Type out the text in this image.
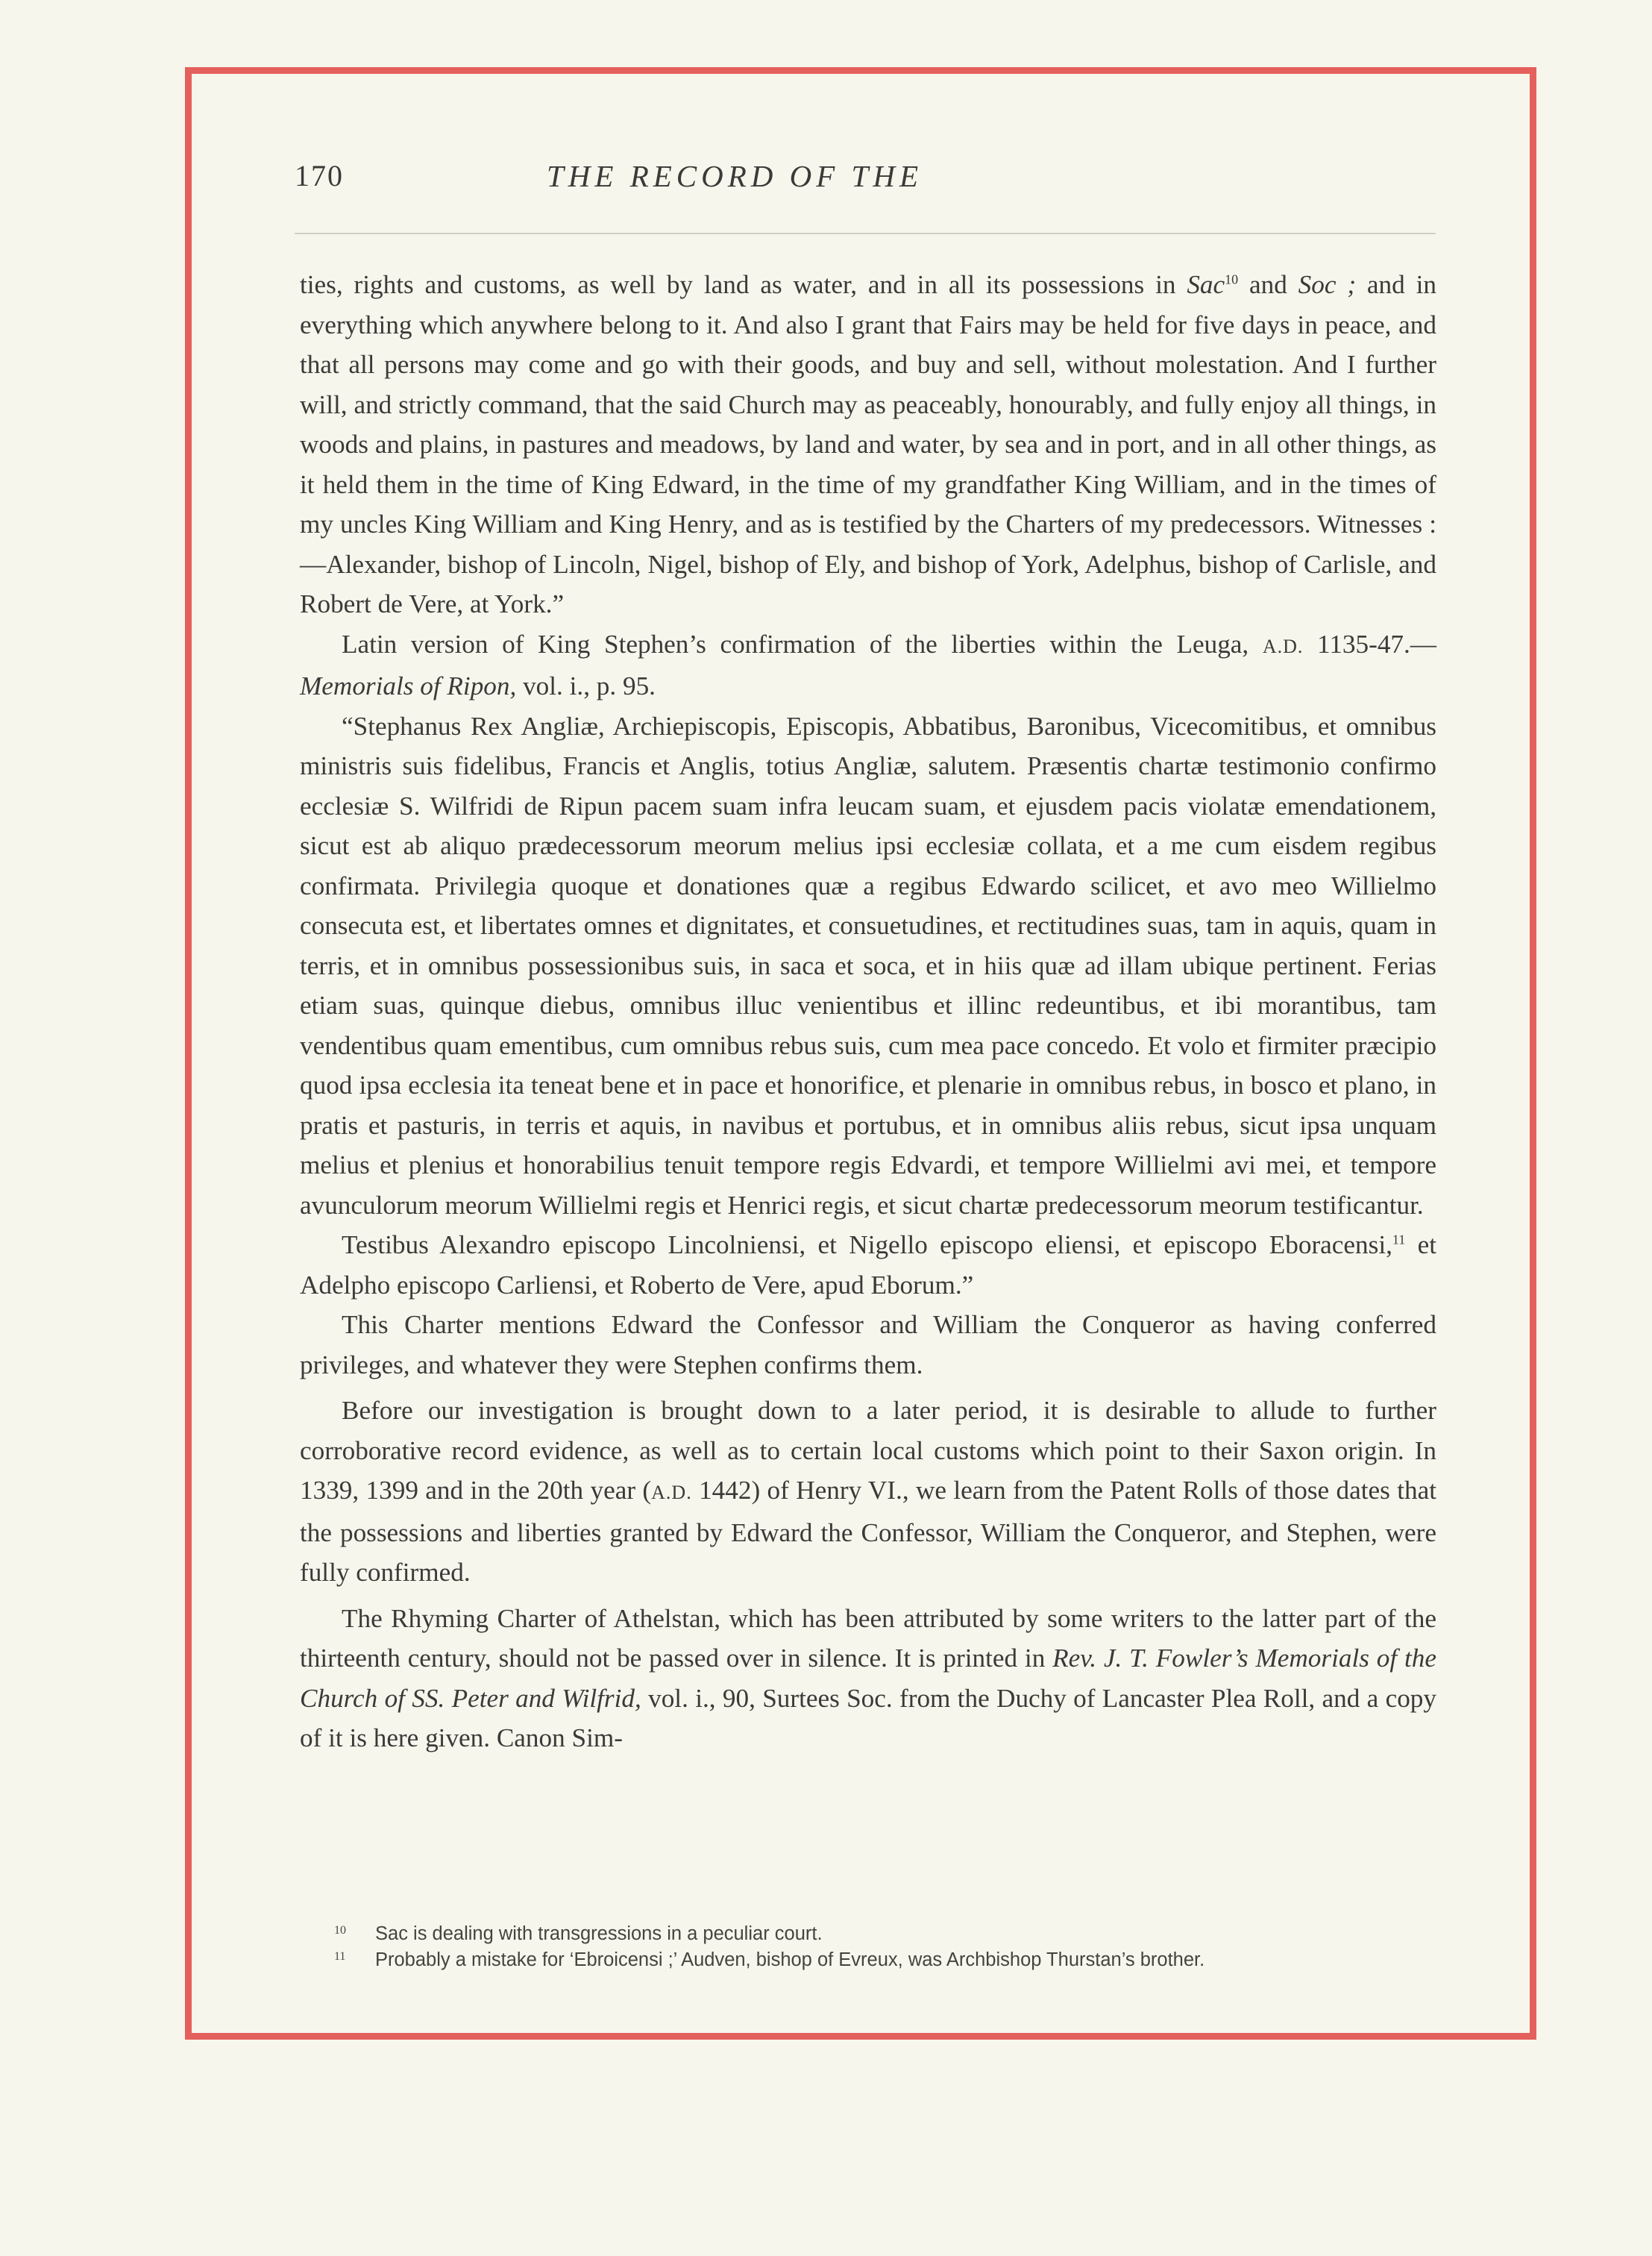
170	THE RECORD OF THE

ties, rights and customs, as well by land as water, and in all its possessions in Sac$^{10}$ and Soc ; and in everything which anywhere belong to it. And also I grant that Fairs may be held for five days in peace, and that all persons may come and go with their goods, and buy and sell, without molestation. And I further will, and strictly command, that the said Church may as peaceably, honourably, and fully enjoy all things, in woods and plains, in pastures and meadows, by land and water, by sea and in port, and in all other things, as it held them in the time of King Edward, in the time of my grandfather King William, and in the times of my uncles King William and King Henry, and as is testified by the Charters of my predecessors. Witnesses :—Alexander, bishop of Lincoln, Nigel, bishop of Ely, and bishop of York, Adelphus, bishop of Carlisle, and Robert de Vere, at York.”

Latin version of King Stephen’s confirmation of the liberties within the Leuga, A.D. 1135-47.—Memorials of Ripon, vol. i., p. 95.

“Stephanus Rex Angliæ, Archiepiscopis, Episcopis, Abbatibus, Baronibus, Vicecomitibus, et omnibus ministris suis fidelibus, Francis et Anglis, totius Angliæ, salutem. Præsentis chartæ testimonio confirmo ecclesiæ S. Wilfridi de Ripun pacem suam infra leucam suam, et ejusdem pacis violatæ emendationem, sicut est ab aliquo prædecessorum meorum melius ipsi ecclesiæ collata, et a me cum eisdem regibus confirmata. Privilegia quoque et donationes quæ a regibus Edwardo scilicet, et avo meo Willielmo consecuta est, et libertates omnes et dignitates, et consuetudines, et rectitudines suas, tam in aquis, quam in terris, et in omnibus possessionibus suis, in saca et soca, et in hiis quæ ad illam ubique pertinent. Ferias etiam suas, quinque diebus, omnibus illuc venientibus et illinc redeuntibus, et ibi morantibus, tam vendentibus quam ementibus, cum omnibus rebus suis, cum mea pace concedo. Et volo et firmiter præcipio quod ipsa ecclesia ita teneat bene et in pace et honorifice, et plenarie in omnibus rebus, in bosco et plano, in pratis et pasturis, in terris et aquis, in navibus et portubus, et in omnibus aliis rebus, sicut ipsa unquam melius et plenius et honorabilius tenuit tempore regis Edvardi, et tempore Willielmi avi mei, et tempore avunculorum meorum Willielmi regis et Henrici regis, et sicut chartæ predecessorum meorum testificantur.

Testibus Alexandro episcopo Lincolniensi, et Nigello episcopo eliensi, et episcopo Eboracensi,$^{11}$ et Adelpho episcopo Carliensi, et Roberto de Vere, apud Eborum.”

This Charter mentions Edward the Confessor and William the Conqueror as having conferred privileges, and whatever they were Stephen confirms them.

Before our investigation is brought down to a later period, it is desirable to allude to further corroborative record evidence, as well as to certain local customs which point to their Saxon origin. In 1339, 1399 and in the 20th year (A.D. 1442) of Henry VI., we learn from the Patent Rolls of those dates that the possessions and liberties granted by Edward the Confessor, William the Conqueror, and Stephen, were fully confirmed.

The Rhyming Charter of Athelstan, which has been attributed by some writers to the latter part of the thirteenth century, should not be passed over in silence. It is printed in Rev. J. T. Fowler’s Memorials of the Church of SS. Peter and Wilfrid, vol. i., 90, Surtees Soc. from the Duchy of Lancaster Plea Roll, and a copy of it is here given. Canon Sim-

10	Sac is dealing with transgressions in a peculiar court.
11	Probably a mistake for ‘Ebroicensi ;’ Audven, bishop of Evreux, was Archbishop Thurstan’s brother.
